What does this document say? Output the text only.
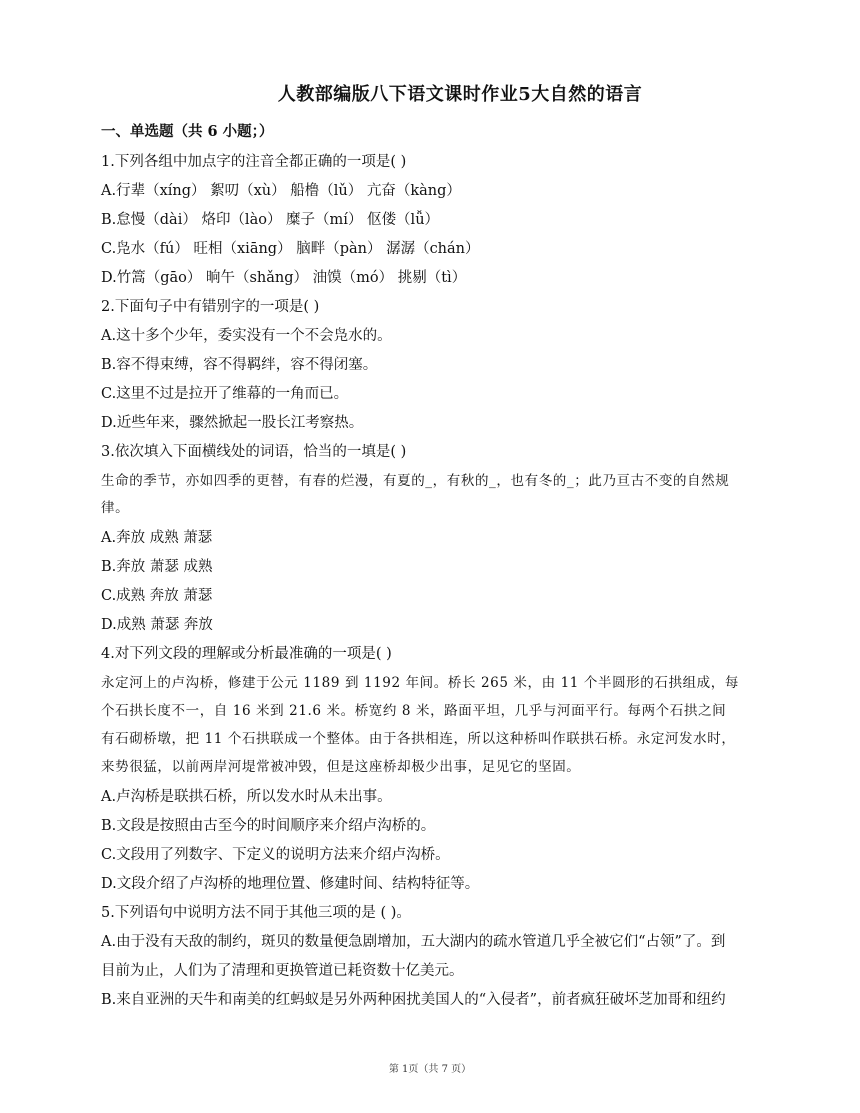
人教部编版八下语文课时作业5大自然的语言
一、单选题（共 6 小题；）
1.下列各组中加点字的注音全都正确的一项是( )
A.行辈（xíng） 絮叨（xù） 船橹（lǔ） 亢奋（kàng）
B.怠慢（dài） 烙印（lào） 糜子（mí） 伛偻（lǚ）
C.凫水（fú） 旺相（xiāng） 脑畔（pàn） 潺潺（chán）
D.竹篙（gāo） 晌午（shǎng） 油馍（mó） 挑剔（tì）
2.下面句子中有错别字的一项是( )
A.这十多个少年，委实没有一个不会凫水的。
B.容不得束缚，容不得羁绊，容不得闭塞。
C.这里不过是拉开了维幕的一角而已。
D.近些年来，骤然掀起一股长江考察热。
3.依次填入下面横线处的词语，恰当的一填是( )
生命的季节，亦如四季的更替，有春的烂漫，有夏的_，有秋的_，也有冬的_；此乃亘古不变的自然规
律。
A.奔放 成熟 萧瑟
B.奔放 萧瑟 成熟
C.成熟 奔放 萧瑟
D.成熟 萧瑟 奔放
4.对下列文段的理解或分析最准确的一项是( )
永定河上的卢沟桥，修建于公元 1189 到 1192 年间。桥长 265 米，由 11 个半圆形的石拱组成，每
个石拱长度不一，自 16 米到 21.6 米。桥宽约 8 米，路面平坦，几乎与河面平行。每两个石拱之间
有石砌桥墩，把 11 个石拱联成一个整体。由于各拱相连，所以这种桥叫作联拱石桥。永定河发水时，
来势很猛，以前两岸河堤常被冲毁，但是这座桥却极少出事，足见它的坚固。
A.卢沟桥是联拱石桥，所以发水时从未出事。
B.文段是按照由古至今的时间顺序来介绍卢沟桥的。
C.文段用了列数字、下定义的说明方法来介绍卢沟桥。
D.文段介绍了卢沟桥的地理位置、修建时间、结构特征等。
5.下列语句中说明方法不同于其他三项的是 ( )。
A.由于没有天敌的制约，斑贝的数量便急剧增加，五大湖内的疏水管道几乎全被它们“占领”了。到
目前为止，人们为了清理和更换管道已耗资数十亿美元。
B.来自亚洲的天牛和南美的红蚂蚁是另外两种困扰美国人的“入侵者”，前者疯狂破坏芝加哥和纽约
第 1页（共 7 页）
